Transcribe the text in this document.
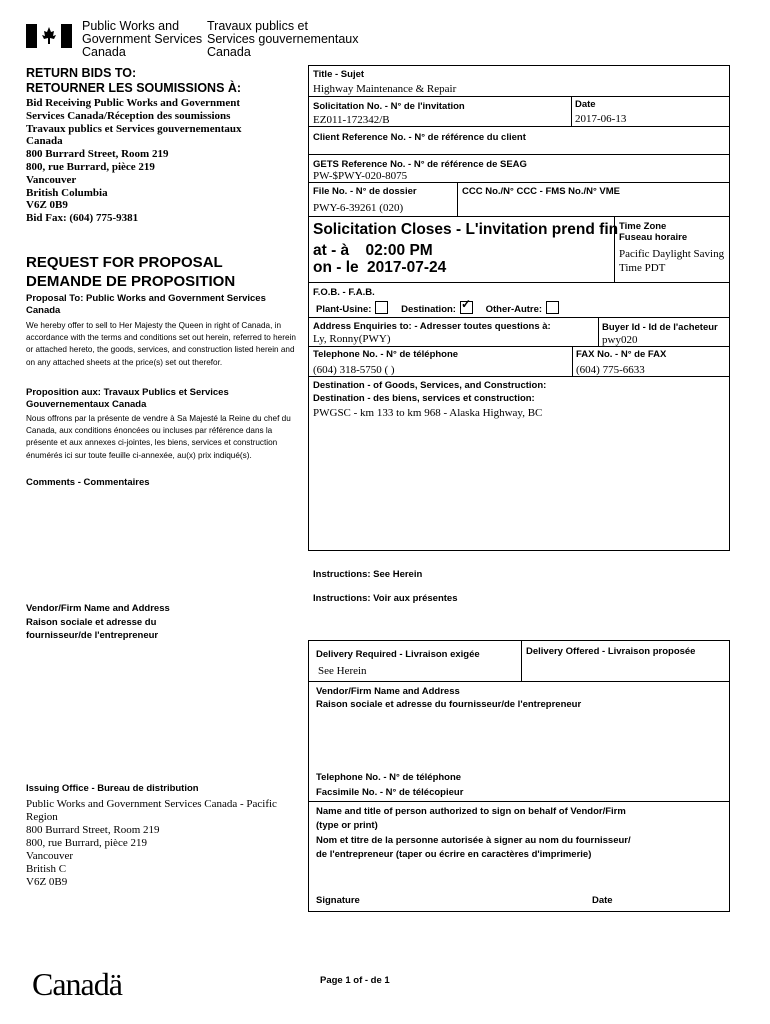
Public Works and
Government Services
Canada
Travaux publics et
Services gouvernementaux
Canada
RETURN BIDS TO:
RETOURNER LES SOUMISSIONS À:
Bid Receiving Public Works and Government
Services Canada/Réception des soumissions
Travaux publics et Services gouvernementaux
Canada
800 Burrard Street, Room 219
800, rue Burrard, pièce 219
Vancouver
British Columbia
V6Z 0B9
Bid Fax: (604) 775-9381
REQUEST FOR PROPOSAL
DEMANDE DE PROPOSITION
Proposal To: Public Works and Government Services Canada
We hereby offer to sell to Her Majesty the Queen in right of Canada, in accordance with the terms and conditions set out herein, referred to herein or attached hereto, the goods, services, and construction listed herein and on any attached sheets at the price(s) set out therefor.
Proposition aux: Travaux Publics et Services Gouvernementaux Canada
Nous offrons par la présente de vendre à Sa Majesté la Reine du chef du Canada, aux conditions énoncées ou incluses par référence dans la présente et aux annexes ci-jointes, les biens, services et construction énumérés ici sur toute feuille ci-annexée, au(x) prix indiqué(s).
Comments - Commentaires
Title - Sujet
Highway Maintenance & Repair
Solicitation No. - N° de l'invitation
EZ011-172342/B
Date
2017-06-13
Client Reference No. - N° de référence du client
GETS Reference No. - N° de référence de SEAG
PW-$PWY-020-8075
File No. - N° de dossier
PWY-6-39261 (020)
CCC No./N° CCC - FMS No./N° VME
Solicitation Closes - L'invitation prend fin
at - à 02:00 PM
on - le 2017-07-24
Time Zone
Fuseau horaire
Pacific Daylight Saving Time PDT
F.O.B. - F.A.B.
Plant-Usine:	Destination:✓	Other-Autre:
Address Enquiries to: - Adresser toutes questions à:
Ly, Ronny(PWY)
Buyer Id - Id de l'acheteur
pwy020
Telephone No. - N° de téléphone
(604) 318-5750 ( )
FAX No. - N° de FAX
(604) 775-6633
Destination - of Goods, Services, and Construction:
Destination - des biens, services et construction:
PWGSC - km 133 to km 968 - Alaska Highway, BC
Instructions: See Herein
Instructions: Voir aux présentes
Vendor/Firm Name and Address
Raison sociale et adresse du
fournisseur/de l'entrepreneur
Delivery Required - Livraison exigée
See Herein
Delivery Offered - Livraison proposée
Vendor/Firm Name and Address
Raison sociale et adresse du fournisseur/de l'entrepreneur
Telephone No. - N° de téléphone
Facsimile No. - N° de télécopieur
Name and title of person authorized to sign on behalf of Vendor/Firm
(type or print)
Nom et titre de la personne autorisée à signer au nom du fournisseur/
de l'entrepreneur (taper ou écrire en caractères d'imprimerie)
Signature	Date
Issuing Office - Bureau de distribution
Public Works and Government Services Canada - Pacific
Region
800 Burrard Street, Room 219
800, rue Burrard, pièce 219
Vancouver
British C
V6Z 0B9
Canadä	Page 1 of - de 1
